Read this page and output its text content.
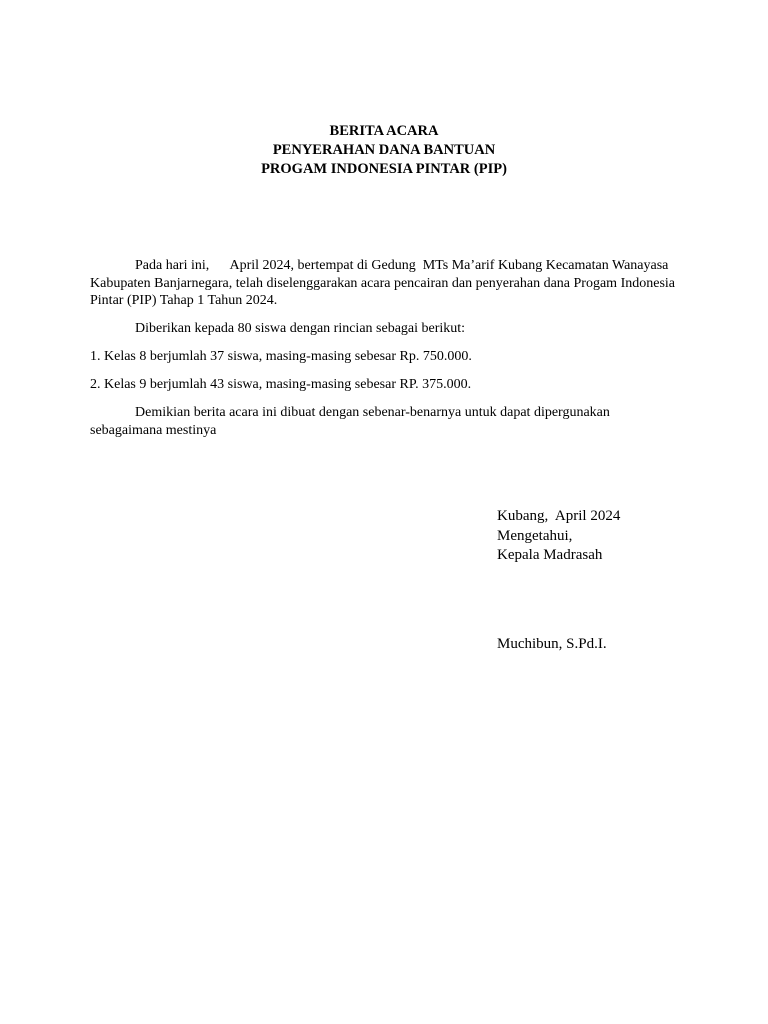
BERITA ACARA
PENYERAHAN DANA BANTUAN
PROGAM INDONESIA PINTAR (PIP)

Pada hari ini,      April 2024, bertempat di Gedung  MTs Ma’arif Kubang Kecamatan Wanayasa Kabupaten Banjarnegara, telah diselenggarakan acara pencairan dan penyerahan dana Progam Indonesia Pintar (PIP) Tahap 1 Tahun 2024.

Diberikan kepada 80 siswa dengan rincian sebagai berikut:

1. Kelas 8 berjumlah 37 siswa, masing-masing sebesar Rp. 750.000.

2. Kelas 9 berjumlah 43 siswa, masing-masing sebesar RP. 375.000.

Demikian berita acara ini dibuat dengan sebenar-benarnya untuk dapat dipergunakan sebagaimana mestinya

Kubang,  April 2024
Mengetahui,
Kepala Madrasah
Muchibun, S.Pd.I.
